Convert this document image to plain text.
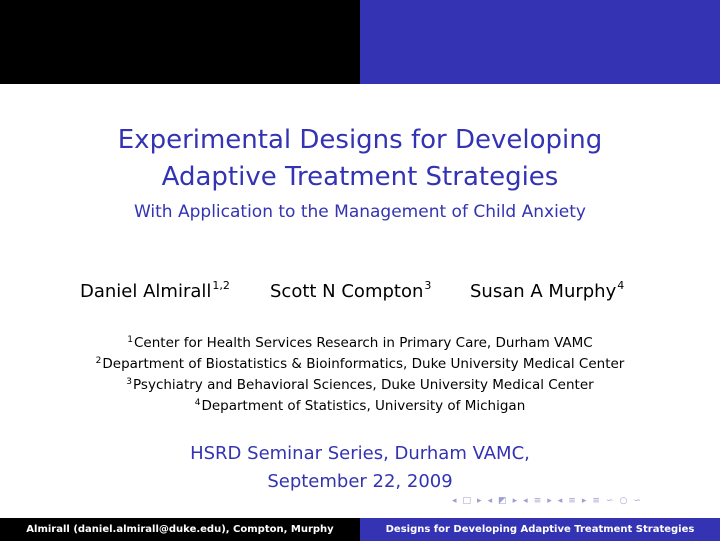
Experimental Designs for Developing
Adaptive Treatment Strategies
With Application to the Management of Child Anxiety
Daniel Almirall$^{1,2}$ Scott N Compton$^3$ Susan A Murphy$^4$
$^1$Center for Health Services Research in Primary Care, Durham VAMC
$^2$Department of Biostatistics & Bioinformatics, Duke University Medical Center
$^3$Psychiatry and Behavioral Sciences, Duke University Medical Center
$^4$Department of Statistics, University of Michigan
HSRD Seminar Series, Durham VAMC,
September 22, 2009
◂ □ ▸ ◂ ◩ ▸ ◂ ≡ ▸ ◂ ≡ ▸ ≡ ∽ ○ ∽
Almirall (daniel.almirall@duke.edu), Compton, Murphy	Designs for Developing Adaptive Treatment Strategies
